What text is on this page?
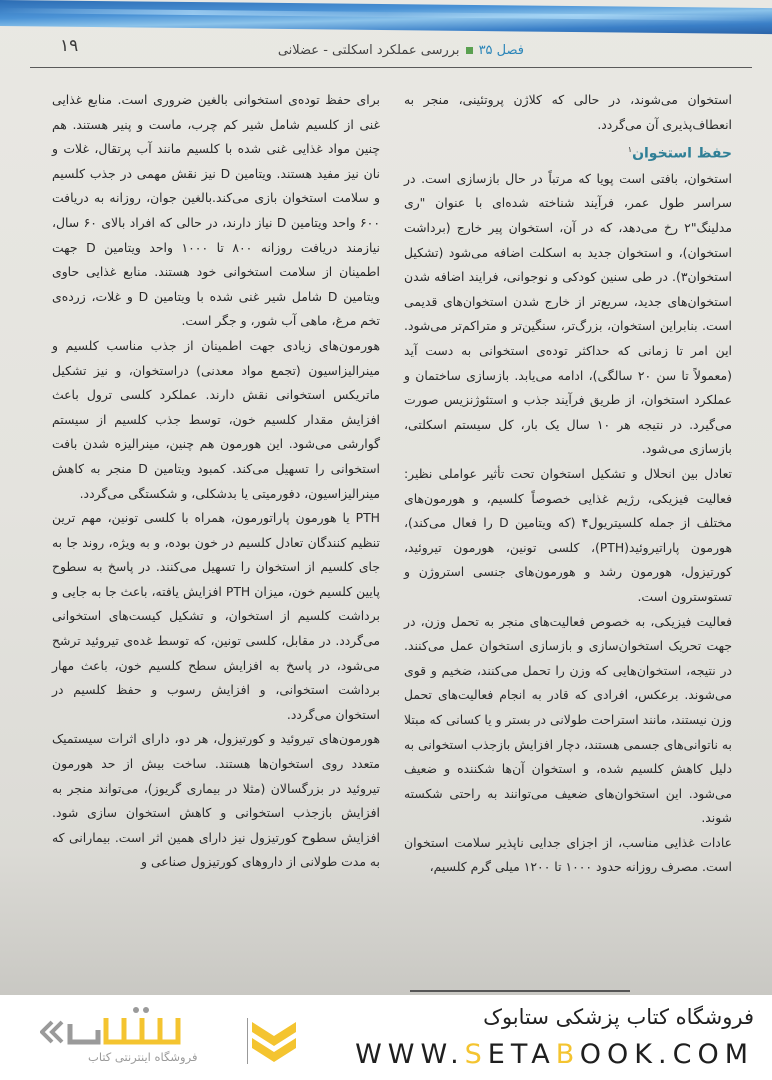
فصل ۳۵
بررسی عملکرد اسکلتی - عضلانی
۱۹

استخوان می‌شوند، در حالی که کلاژن پروتئینی، منجر به انعطاف‌پذیری آن می‌گردد.

حفظ استخوان$^۱$

استخوان، بافتی است پویا که مرتباً در حال بازسازی است. در سراسر طول عمر، فرآیند شناخته شده‌ای با عنوان "ری مدلینگ"۲ رخ می‌دهد، که در آن، استخوان پیر خارج (برداشت استخوان)، و استخوان جدید به اسکلت اضافه می‌شود (تشکیل استخوان۳). در طی سنین کودکی و نوجوانی، فرایند اضافه شدن استخوان‌های جدید، سریع‌تر از خارج شدن استخوان‌های قدیمی است. بنابراین استخوان، بزرگ‌تر، سنگین‌تر و متراکم‌تر می‌شود. این امر تا زمانی که حداکثر توده‌ی استخوانی به دست آید (معمولاً تا سن ۲۰ سالگی)، ادامه می‌یابد. بازسازی ساختمان و عملکرد استخوان، از طریق فرآیند جذب و استئوژنزیس صورت می‌گیرد. در نتیجه هر ۱۰ سال یک بار، کل سیستم اسکلتی، بازسازی می‌شود.

تعادل بین انحلال و تشکیل استخوان تحت تأثیر عواملی نظیر: فعالیت فیزیکی، رژیم غذایی خصوصاً کلسیم، و هورمون‌های مختلف از جمله کلسیتریول۴ (که ویتامین D را فعال می‌کند)، هورمون پاراتیروئید(PTH)، کلسی تونین، هورمون تیروئید، کورتیزول، هورمون رشد و هورمون‌های جنسی استروژن و تستوسترون است.

فعالیت فیزیکی، به خصوص فعالیت‌های منجر به تحمل وزن، در جهت تحریک استخوان‌سازی و بازسازی استخوان عمل می‌کنند. در نتیجه، استخوان‌هایی که وزن را تحمل می‌کنند، ضخیم و قوی می‌شوند. برعکس، افرادی که قادر به انجام فعالیت‌های تحمل وزن نیستند، مانند استراحت طولانی در بستر و یا کسانی که مبتلا به ناتوانی‌های جسمی هستند، دچار افزایش بازجذب استخوانی به دلیل کاهش کلسیم شده، و استخوان آن‌ها شکننده و ضعیف می‌شود. این استخوان‌های ضعیف می‌توانند به راحتی شکسته شوند.

عادات غذایی مناسب، از اجزای جدایی ناپذیر سلامت استخوان است. مصرف روزانه حدود ۱۰۰۰ تا ۱۲۰۰ میلی گرم کلسیم،

برای حفظ توده‌ی استخوانی بالغین ضروری است. منابع غذایی غنی از کلسیم شامل شیر کم چرب، ماست و پنیر هستند. هم چنین مواد غذایی غنی شده با کلسیم مانند آب پرتقال، غلات و نان نیز مفید هستند. ویتامین D نیز نقش مهمی در جذب کلسیم و سلامت استخوان بازی می‌کند.بالغین جوان، روزانه به دریافت ۶۰۰ واحد ویتامین D نیاز دارند، در حالی که افراد بالای ۶۰ سال، نیازمند دریافت روزانه ۸۰۰ تا ۱۰۰۰ واحد ویتامین D جهت اطمینان از سلامت استخوانی خود هستند. منابع غذایی حاوی ویتامین D شامل شیر غنی شده با ویتامین D و غلات، زرده‌ی تخم مرغ، ماهی آب شور، و جگر است.

هورمون‌های زیادی جهت اطمینان از جذب مناسب کلسیم و مینرالیزاسیون (تجمع مواد معدنی) دراستخوان، و نیز تشکیل ماتریکس استخوانی نقش دارند. عملکرد کلسی ترول باعث افزایش مقدار کلسیم خون، توسط جذب کلسیم از سیستم گوارشی می‌شود. این هورمون هم چنین، مینرالیزه شدن بافت استخوانی را تسهیل می‌کند. کمبود ویتامین D منجر به کاهش مینرالیزاسیون، دفورمیتی یا بدشکلی، و شکستگی می‌گردد.

PTH یا هورمون پاراتورمون، همراه با کلسی تونین، مهم ترین تنظیم کنندگان تعادل کلسیم در خون بوده، و به ویژه، روند جا به جای کلسیم از استخوان را تسهیل می‌کنند. در پاسخ به سطوح پایین کلسیم خون، میزان PTH افزایش یافته، باعث جا به جایی و برداشت کلسیم از استخوان، و تشکیل کیست‌های استخوانی می‌گردد. در مقابل، کلسی تونین، که توسط غده‌ی تیروئید ترشح می‌شود، در پاسخ به افزایش سطح کلسیم خون، باعث مهار برداشت استخوانی، و افزایش رسوب و حفظ کلسیم در استخوان می‌گردد.

هورمون‌های تیروئید و کورتیزول، هر دو، دارای اثرات سیستمیک متعدد روی استخوان‌ها هستند. ساخت بیش از حد هورمون تیروئید در بزرگسالان (مثلا در بیماری گریوز)، می‌تواند منجر به افزایش بازجذب استخوانی و کاهش استخوان سازی شود. افزایش سطوح کورتیزول نیز دارای همین اثر است. بیمارانی که به مدت طولانی از داروهای کورتیزول صناعی و

فروشگاه اینترنتی کتاب
فروشگاه کتاب پزشکی ستابوک
WWW.SETABOOK.COM
